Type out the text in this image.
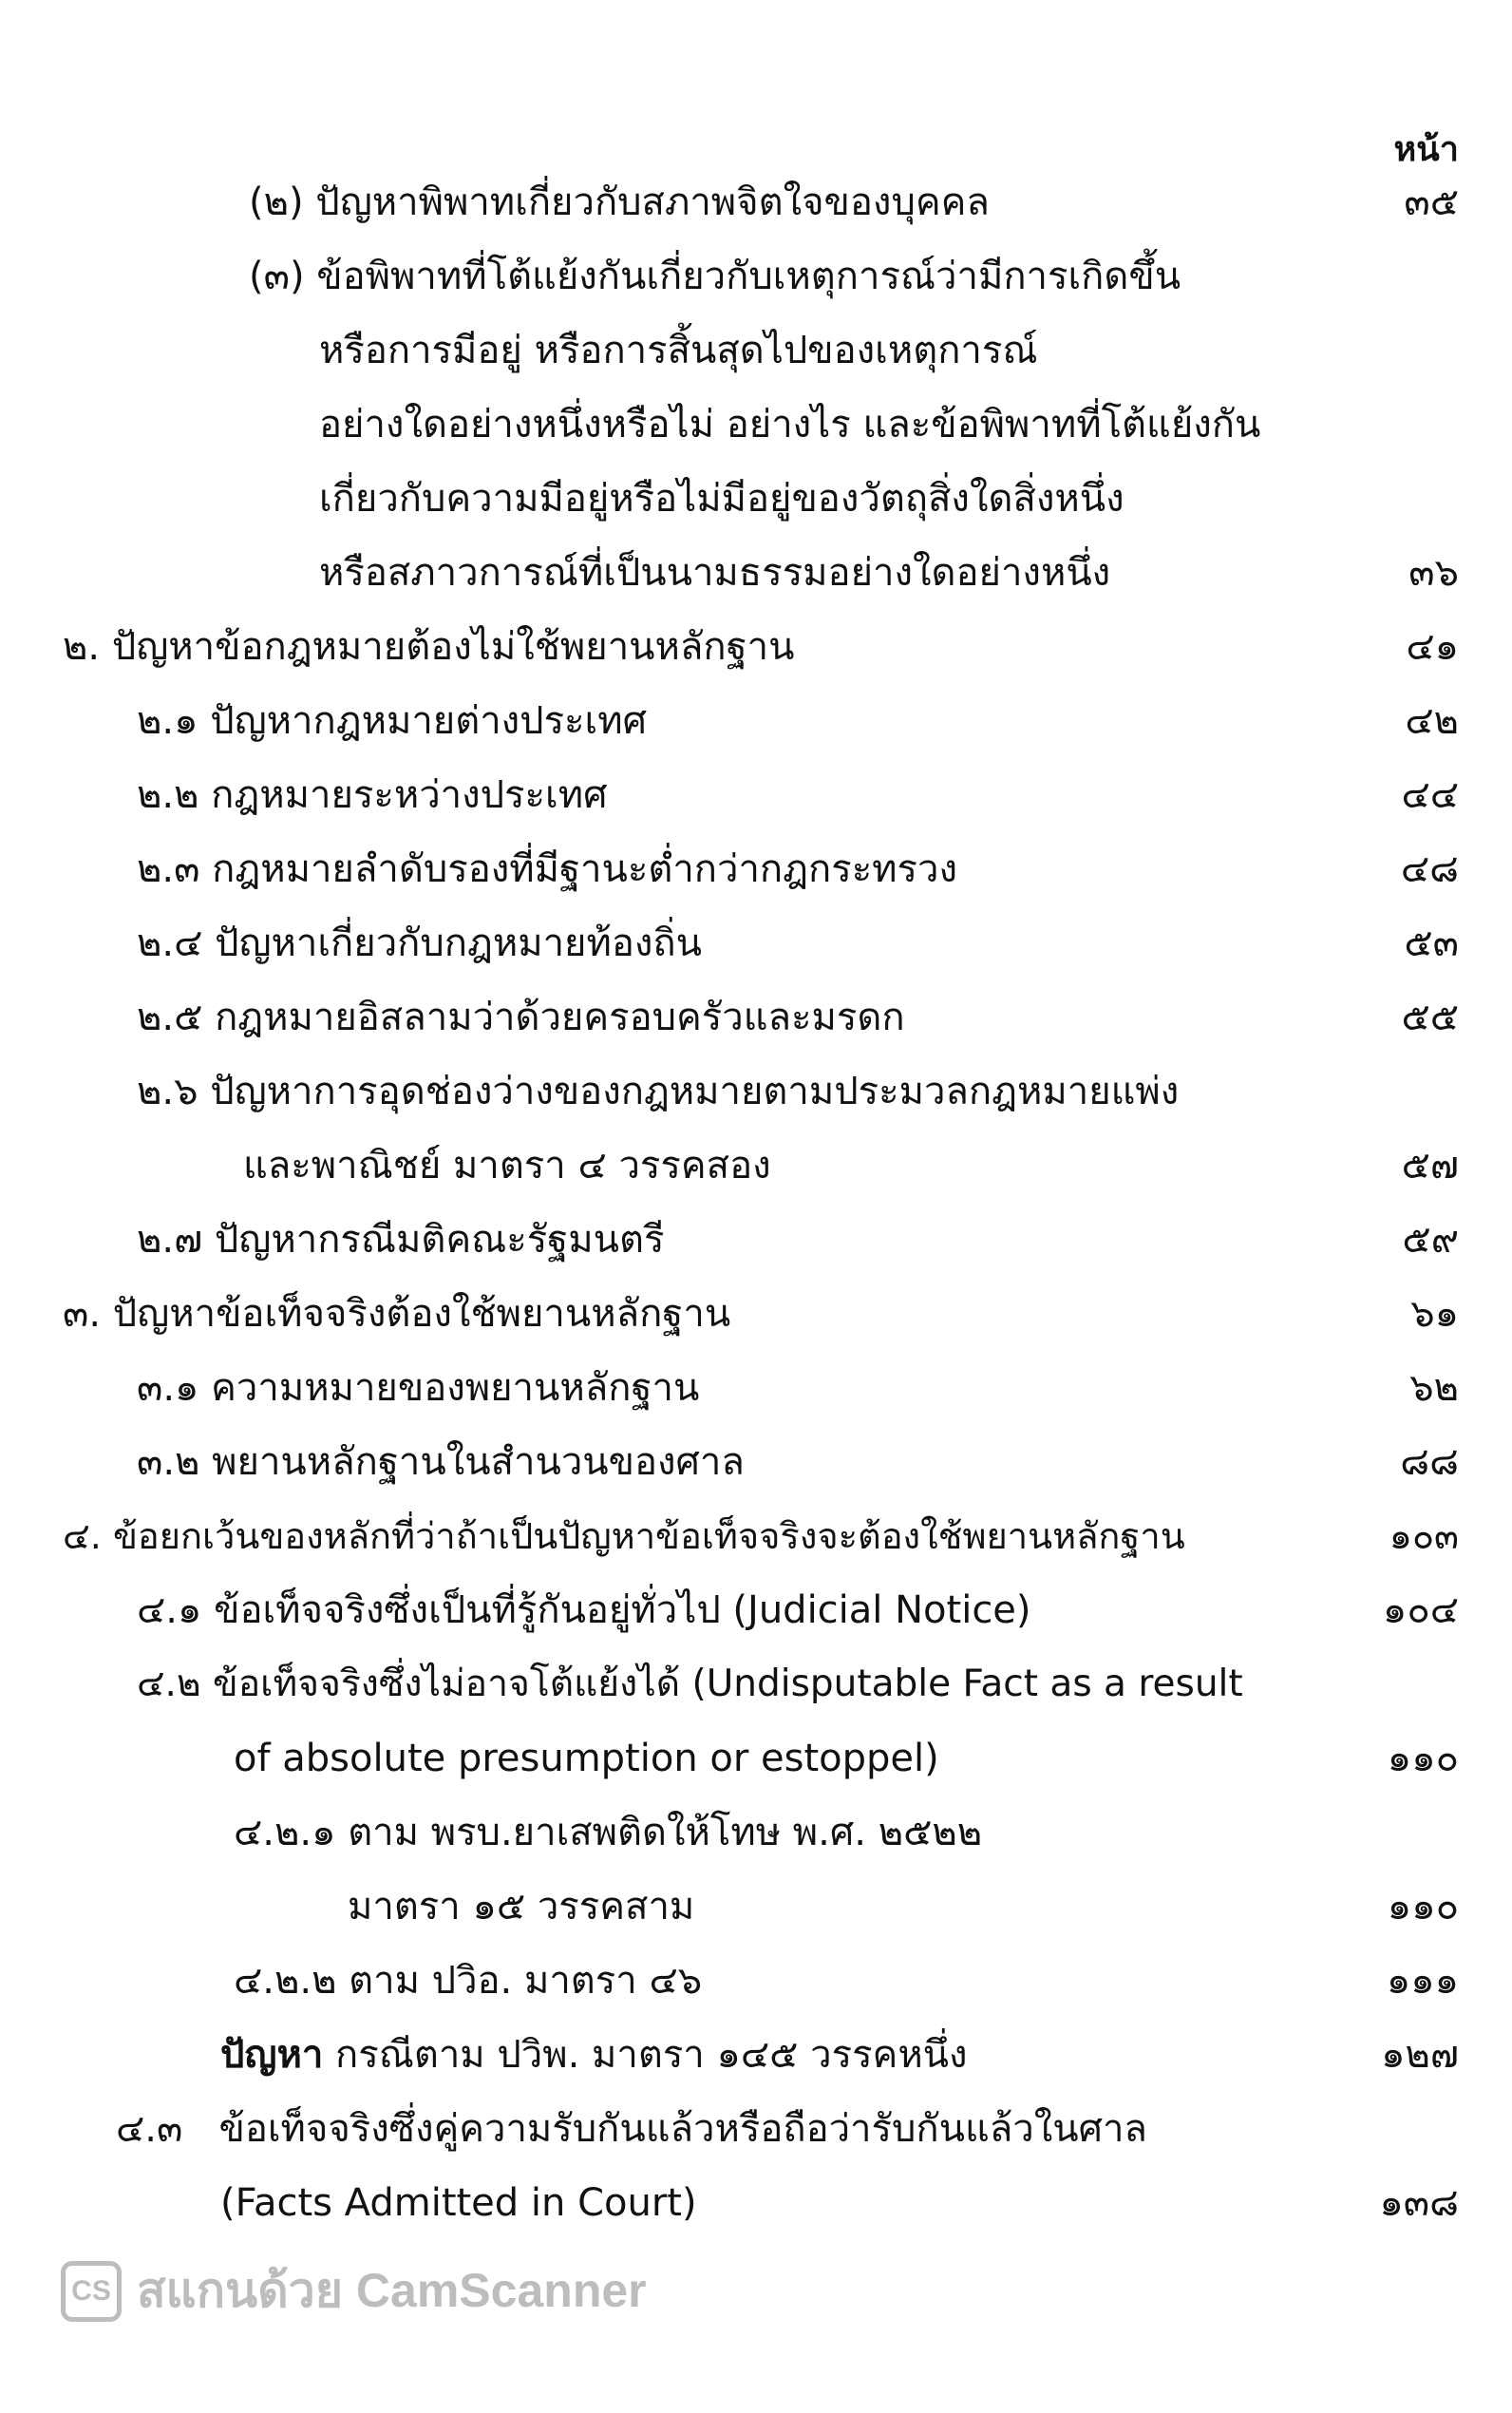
หน้า
(๒) ปัญหาพิพาทเกี่ยวกับสภาพจิตใจของบุคคล	๓๕
(๓) ข้อพิพาทที่โต้แย้งกันเกี่ยวกับเหตุการณ์ว่ามีการเกิดขึ้น
หรือการมีอยู่ หรือการสิ้นสุดไปของเหตุการณ์
อย่างใดอย่างหนึ่งหรือไม่ อย่างไร และข้อพิพาทที่โต้แย้งกัน
เกี่ยวกับความมีอยู่หรือไม่มีอยู่ของวัตถุสิ่งใดสิ่งหนึ่ง
หรือสภาวการณ์ที่เป็นนามธรรมอย่างใดอย่างหนึ่ง	๓๖
๒. ปัญหาข้อกฎหมายต้องไม่ใช้พยานหลักฐาน	๔๑
๒.๑ ปัญหากฎหมายต่างประเทศ	๔๒
๒.๒ กฎหมายระหว่างประเทศ	๔๔
๒.๓ กฎหมายลำดับรองที่มีฐานะต่ำกว่ากฎกระทรวง	๔๘
๒.๔ ปัญหาเกี่ยวกับกฎหมายท้องถิ่น	๕๓
๒.๕ กฎหมายอิสลามว่าด้วยครอบครัวและมรดก	๕๕
๒.๖ ปัญหาการอุดช่องว่างของกฎหมายตามประมวลกฎหมายแพ่ง
และพาณิชย์ มาตรา ๔ วรรคสอง	๕๗
๒.๗ ปัญหากรณีมติคณะรัฐมนตรี	๕๙
๓. ปัญหาข้อเท็จจริงต้องใช้พยานหลักฐาน	๖๑
๓.๑ ความหมายของพยานหลักฐาน	๖๒
๓.๒ พยานหลักฐานในสำนวนของศาล	๘๘
๔. ข้อยกเว้นของหลักที่ว่าถ้าเป็นปัญหาข้อเท็จจริงจะต้องใช้พยานหลักฐาน	๑๐๓
๔.๑ ข้อเท็จจริงซึ่งเป็นที่รู้กันอยู่ทั่วไป (Judicial Notice)	๑๐๔
๔.๒ ข้อเท็จจริงซึ่งไม่อาจโต้แย้งได้ (Undisputable Fact as a result
of absolute presumption or estoppel)	๑๑๐
๔.๒.๑ ตาม พรบ.ยาเสพติดให้โทษ พ.ศ. ๒๕๒๒
มาตรา ๑๕ วรรคสาม	๑๑๐
๔.๒.๒ ตาม ปวิอ. มาตรา ๔๖	๑๑๑
ปัญหา กรณีตาม ปวิพ. มาตรา ๑๔๕ วรรคหนึ่ง	๑๒๗
๔.๓ ข้อเท็จจริงซึ่งคู่ความรับกันแล้วหรือถือว่ารับกันแล้วในศาล
(Facts Admitted in Court)	๑๓๘
CS สแกนด้วย CamScanner
